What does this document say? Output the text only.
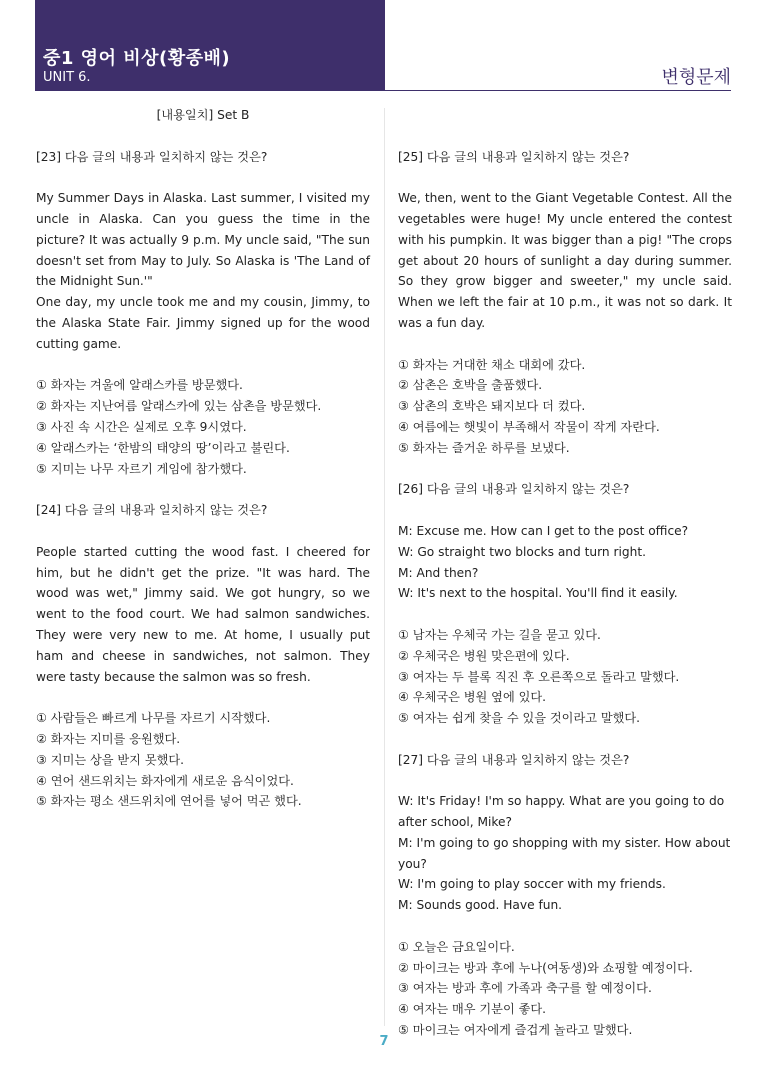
중1 영어 비상(황종배)
UNIT 6.	변형문제

[내용일치] Set B

[23] 다음 글의 내용과 일치하지 않는 것은?

My Summer Days in Alaska. Last summer, I visited my uncle in Alaska. Can you guess the time in the picture? It was actually 9 p.m. My uncle said, "The sun doesn't set from May to July. So Alaska is 'The Land of the Midnight Sun.'"

One day, my uncle took me and my cousin, Jimmy, to the Alaska State Fair. Jimmy signed up for the wood cutting game.

① 화자는 겨울에 알래스카를 방문했다.

② 화자는 지난여름 알래스카에 있는 삼촌을 방문했다.

③ 사진 속 시간은 실제로 오후 9시였다.

④ 알래스카는 ‘한밤의 태양의 땅’이라고 불린다.

⑤ 지미는 나무 자르기 게임에 참가했다.

[24] 다음 글의 내용과 일치하지 않는 것은?

People started cutting the wood fast. I cheered for him, but he didn't get the prize. "It was hard. The wood was wet," Jimmy said. We got hungry, so we went to the food court. We had salmon sandwiches. They were very new to me. At home, I usually put ham and cheese in sandwiches, not salmon. They were tasty because the salmon was so fresh.

① 사람들은 빠르게 나무를 자르기 시작했다.

② 화자는 지미를 응원했다.

③ 지미는 상을 받지 못했다.

④ 연어 샌드위치는 화자에게 새로운 음식이었다.

⑤ 화자는 평소 샌드위치에 연어를 넣어 먹곤 했다.

[25] 다음 글의 내용과 일치하지 않는 것은?

We, then, went to the Giant Vegetable Contest. All the vegetables were huge! My uncle entered the contest with his pumpkin. It was bigger than a pig! "The crops get about 20 hours of sunlight a day during summer. So they grow bigger and sweeter," my uncle said. When we left the fair at 10 p.m., it was not so dark. It was a fun day.

① 화자는 거대한 채소 대회에 갔다.

② 삼촌은 호박을 출품했다.

③ 삼촌의 호박은 돼지보다 더 컸다.

④ 여름에는 햇빛이 부족해서 작물이 작게 자란다.

⑤ 화자는 즐거운 하루를 보냈다.

[26] 다음 글의 내용과 일치하지 않는 것은?

M: Excuse me. How can I get to the post office?

W: Go straight two blocks and turn right.

M: And then?

W: It's next to the hospital. You'll find it easily.

① 남자는 우체국 가는 길을 묻고 있다.

② 우체국은 병원 맞은편에 있다.

③ 여자는 두 블록 직진 후 오른쪽으로 돌라고 말했다.

④ 우체국은 병원 옆에 있다.

⑤ 여자는 쉽게 찾을 수 있을 것이라고 말했다.

[27] 다음 글의 내용과 일치하지 않는 것은?

W: It's Friday! I'm so happy. What are you going to do after school, Mike?

M: I'm going to go shopping with my sister. How about you?

W: I'm going to play soccer with my friends.

M: Sounds good. Have fun.

① 오늘은 금요일이다.

② 마이크는 방과 후에 누나(여동생)와 쇼핑할 예정이다.

③ 여자는 방과 후에 가족과 축구를 할 예정이다.

④ 여자는 매우 기분이 좋다.

⑤ 마이크는 여자에게 즐겁게 놀라고 말했다.

7
